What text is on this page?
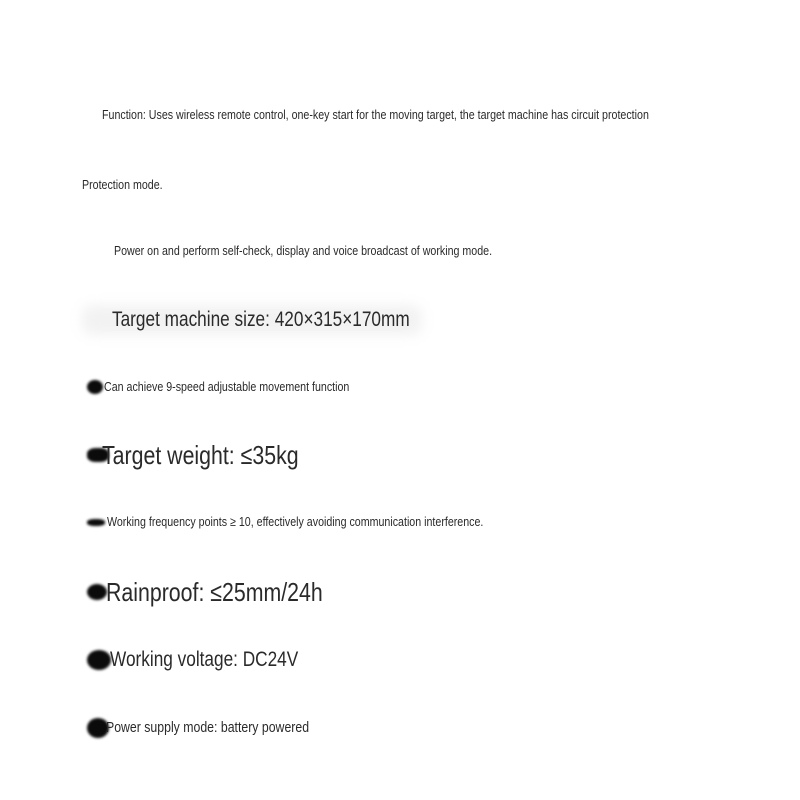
Function: Uses wireless remote control, one-key start for the moving target, the target machine has circuit protection
Protection mode.
Power on and perform self-check, display and voice broadcast of working mode.
Target machine size: 420×315×170mm
Can achieve 9-speed adjustable movement function
Target weight: ≤35kg
Working frequency points ≥ 10, effectively avoiding communication interference.
Rainproof: ≤25mm/24h
Working voltage: DC24V
Power supply mode: battery powered
